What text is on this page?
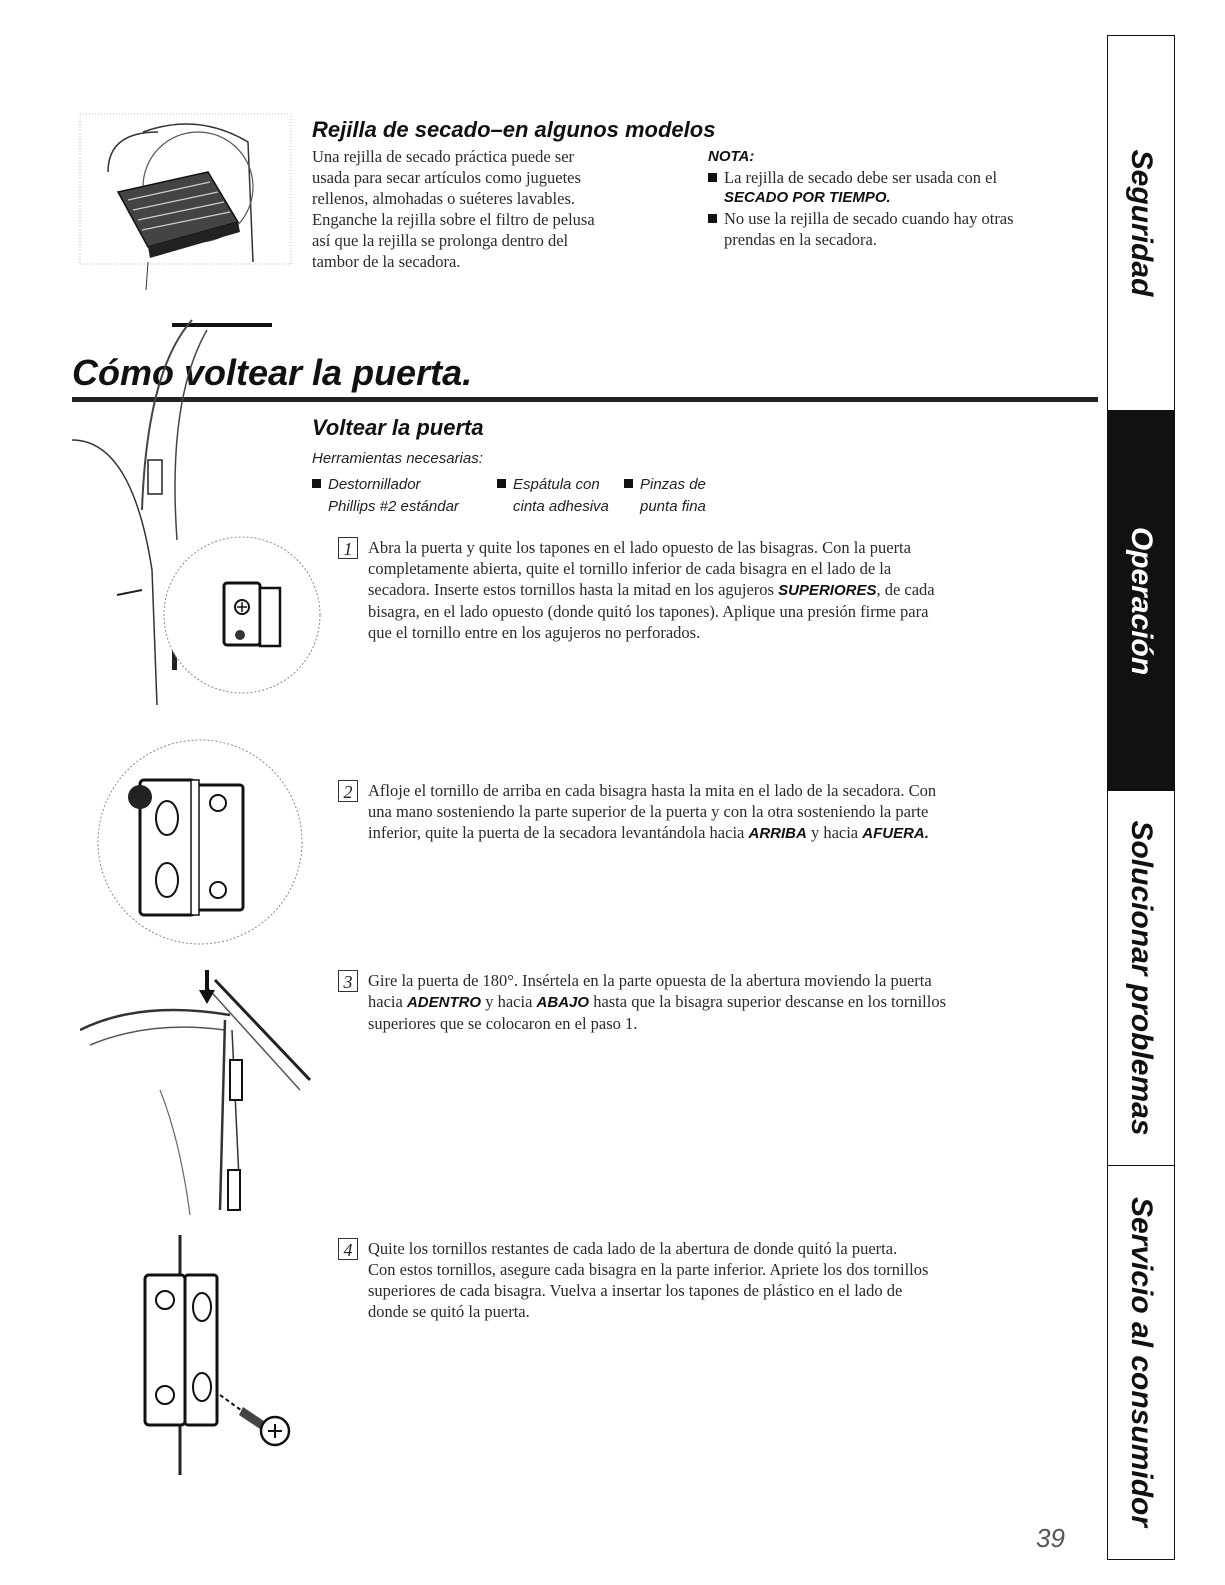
Rejilla de secado–en algunos modelos
Una rejilla de secado práctica puede ser
usada para secar artículos como juguetes
rellenos, almohadas o suéteres lavables.
Enganche la rejilla sobre el filtro de pelusa
así que la rejilla se prolonga dentro del
tambor de la secadora.
NOTA:
La rejilla de secado debe ser usada con el
SECADO POR TIEMPO.
No use la rejilla de secado cuando hay otras
prendas en la secadora.
Cómo voltear la puerta.
Voltear la puerta
Herramientas necesarias:
Destornillador
Phillips #2 estándar
Espátula con
cinta adhesiva
Pinzas de
punta fina
1 Abra la puerta y quite los tapones en el lado opuesto de las bisagras. Con la puerta
completamente abierta, quite el tornillo inferior de cada bisagra en el lado de la
secadora. Inserte estos tornillos hasta la mitad en los agujeros SUPERIORES, de cada
bisagra, en el lado opuesto (donde quitó los tapones). Aplique una presión firme para
que el tornillo entre en los agujeros no perforados.
2 Afloje el tornillo de arriba en cada bisagra hasta la mita en el lado de la secadora. Con
una mano sosteniendo la parte superior de la puerta y con la otra sosteniendo la parte
inferior, quite la puerta de la secadora levantándola hacia ARRIBA y hacia AFUERA.
3 Gire la puerta de 180°. Insértela en la parte opuesta de la abertura moviendo la puerta
hacia ADENTRO y hacia ABAJO hasta que la bisagra superior descanse en los tornillos
superiores que se colocaron en el paso 1.
4 Quite los tornillos restantes de cada lado de la abertura de donde quitó la puerta.
Con estos tornillos, asegure cada bisagra en la parte inferior. Apriete los dos tornillos
superiores de cada bisagra. Vuelva a insertar los tapones de plástico en el lado de
donde se quitó la puerta.
39
Seguridad
Operación
Solucionar problemas
Servicio al consumidor
